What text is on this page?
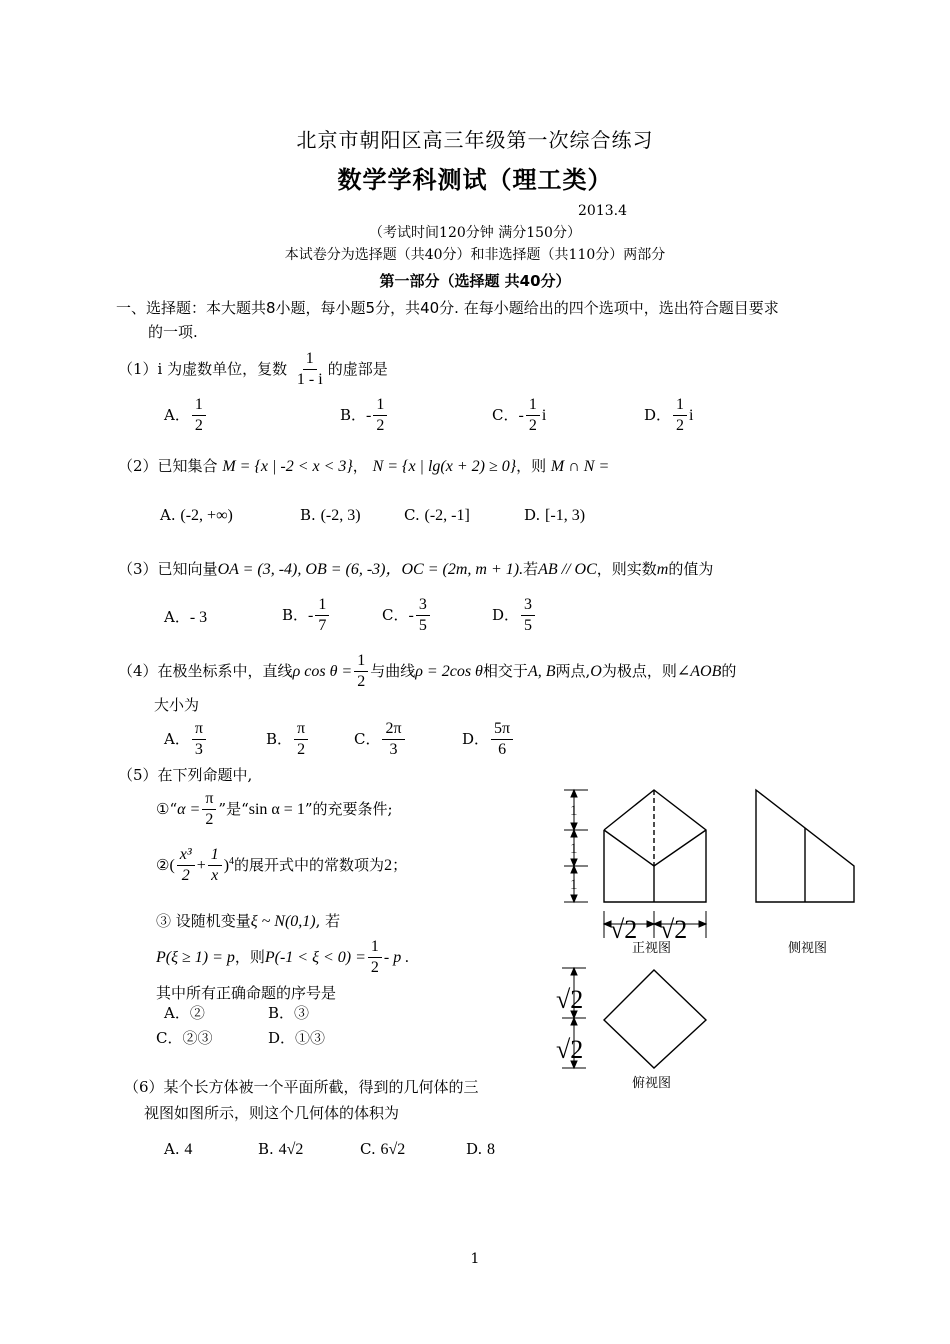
北京市朝阳区高三年级第一次综合练习
数学学科测试（理工类）
2013.4
（考试时间120分钟 满分150分）
本试卷分为选择题（共40分）和非选择题（共110分）两部分
第一部分（选择题 共40分）
一、选择题：本大题共8小题，每小题5分，共40分. 在每小题给出的四个选项中，选出符合题目要求
的一项.
（1）i 为虚数单位，复数 $\frac{1}{1 - i}$ 的虚部是
A． $\frac{1}{2}$	B．- $\frac{1}{2}$	C．- $\frac{1}{2}$ i	D． $\frac{1}{2}$ i
（2）已知集合 M = {x | -2 < x < 3}， N = {x | lg(x + 2) ≥ 0}，则 M ∩ N =
A. (-2, +∞)	B. (-2, 3)	C. (-2, -1]	D. [-1, 3)
（3）已知向量OA = (3, -4), OB = (6, -3)，OC = (2m, m + 1).若AB // OC，则实数m的值为
A．- 3	B．- $\frac{1}{7}$	C．- $\frac{3}{5}$	D． $\frac{3}{5}$
（4）在极坐标系中，直线ρ $\cos \theta = \frac{1}{2}$ 与曲线ρ = 2cos θ相交于A, B两点,O为极点，则∠AOB的
大小为
A． $\frac{\pi}{3}$	B． $\frac{\pi}{2}$	C． $\frac{2\pi}{3}$	D． $\frac{5\pi}{6}$
（5）在下列命题中,
①“α = $\frac{\pi}{2}$ ”是“sin α = 1”的充要条件;
②( $\frac{\text{x³}}{2} + \frac{1}{x} )^4$的展开式中的常数项为2；
③ 设随机变量ξ ~ N(0,1), 若
P(ξ ≥ 1) = p，则$P(-1 < \xi < 0) = \frac{1}{2} - p$ .
其中所有正确命题的序号是
A．②	B．③
C．②③	D．①③
1
1
1
√2 √2
正视图	侧视图
√2
√2
俯视图
（6）某个长方体被一个平面所截，得到的几何体的三
视图如图所示，则这个几何体的体积为
A. 4	B. 4√2	C. 6√2	D. 8
1
